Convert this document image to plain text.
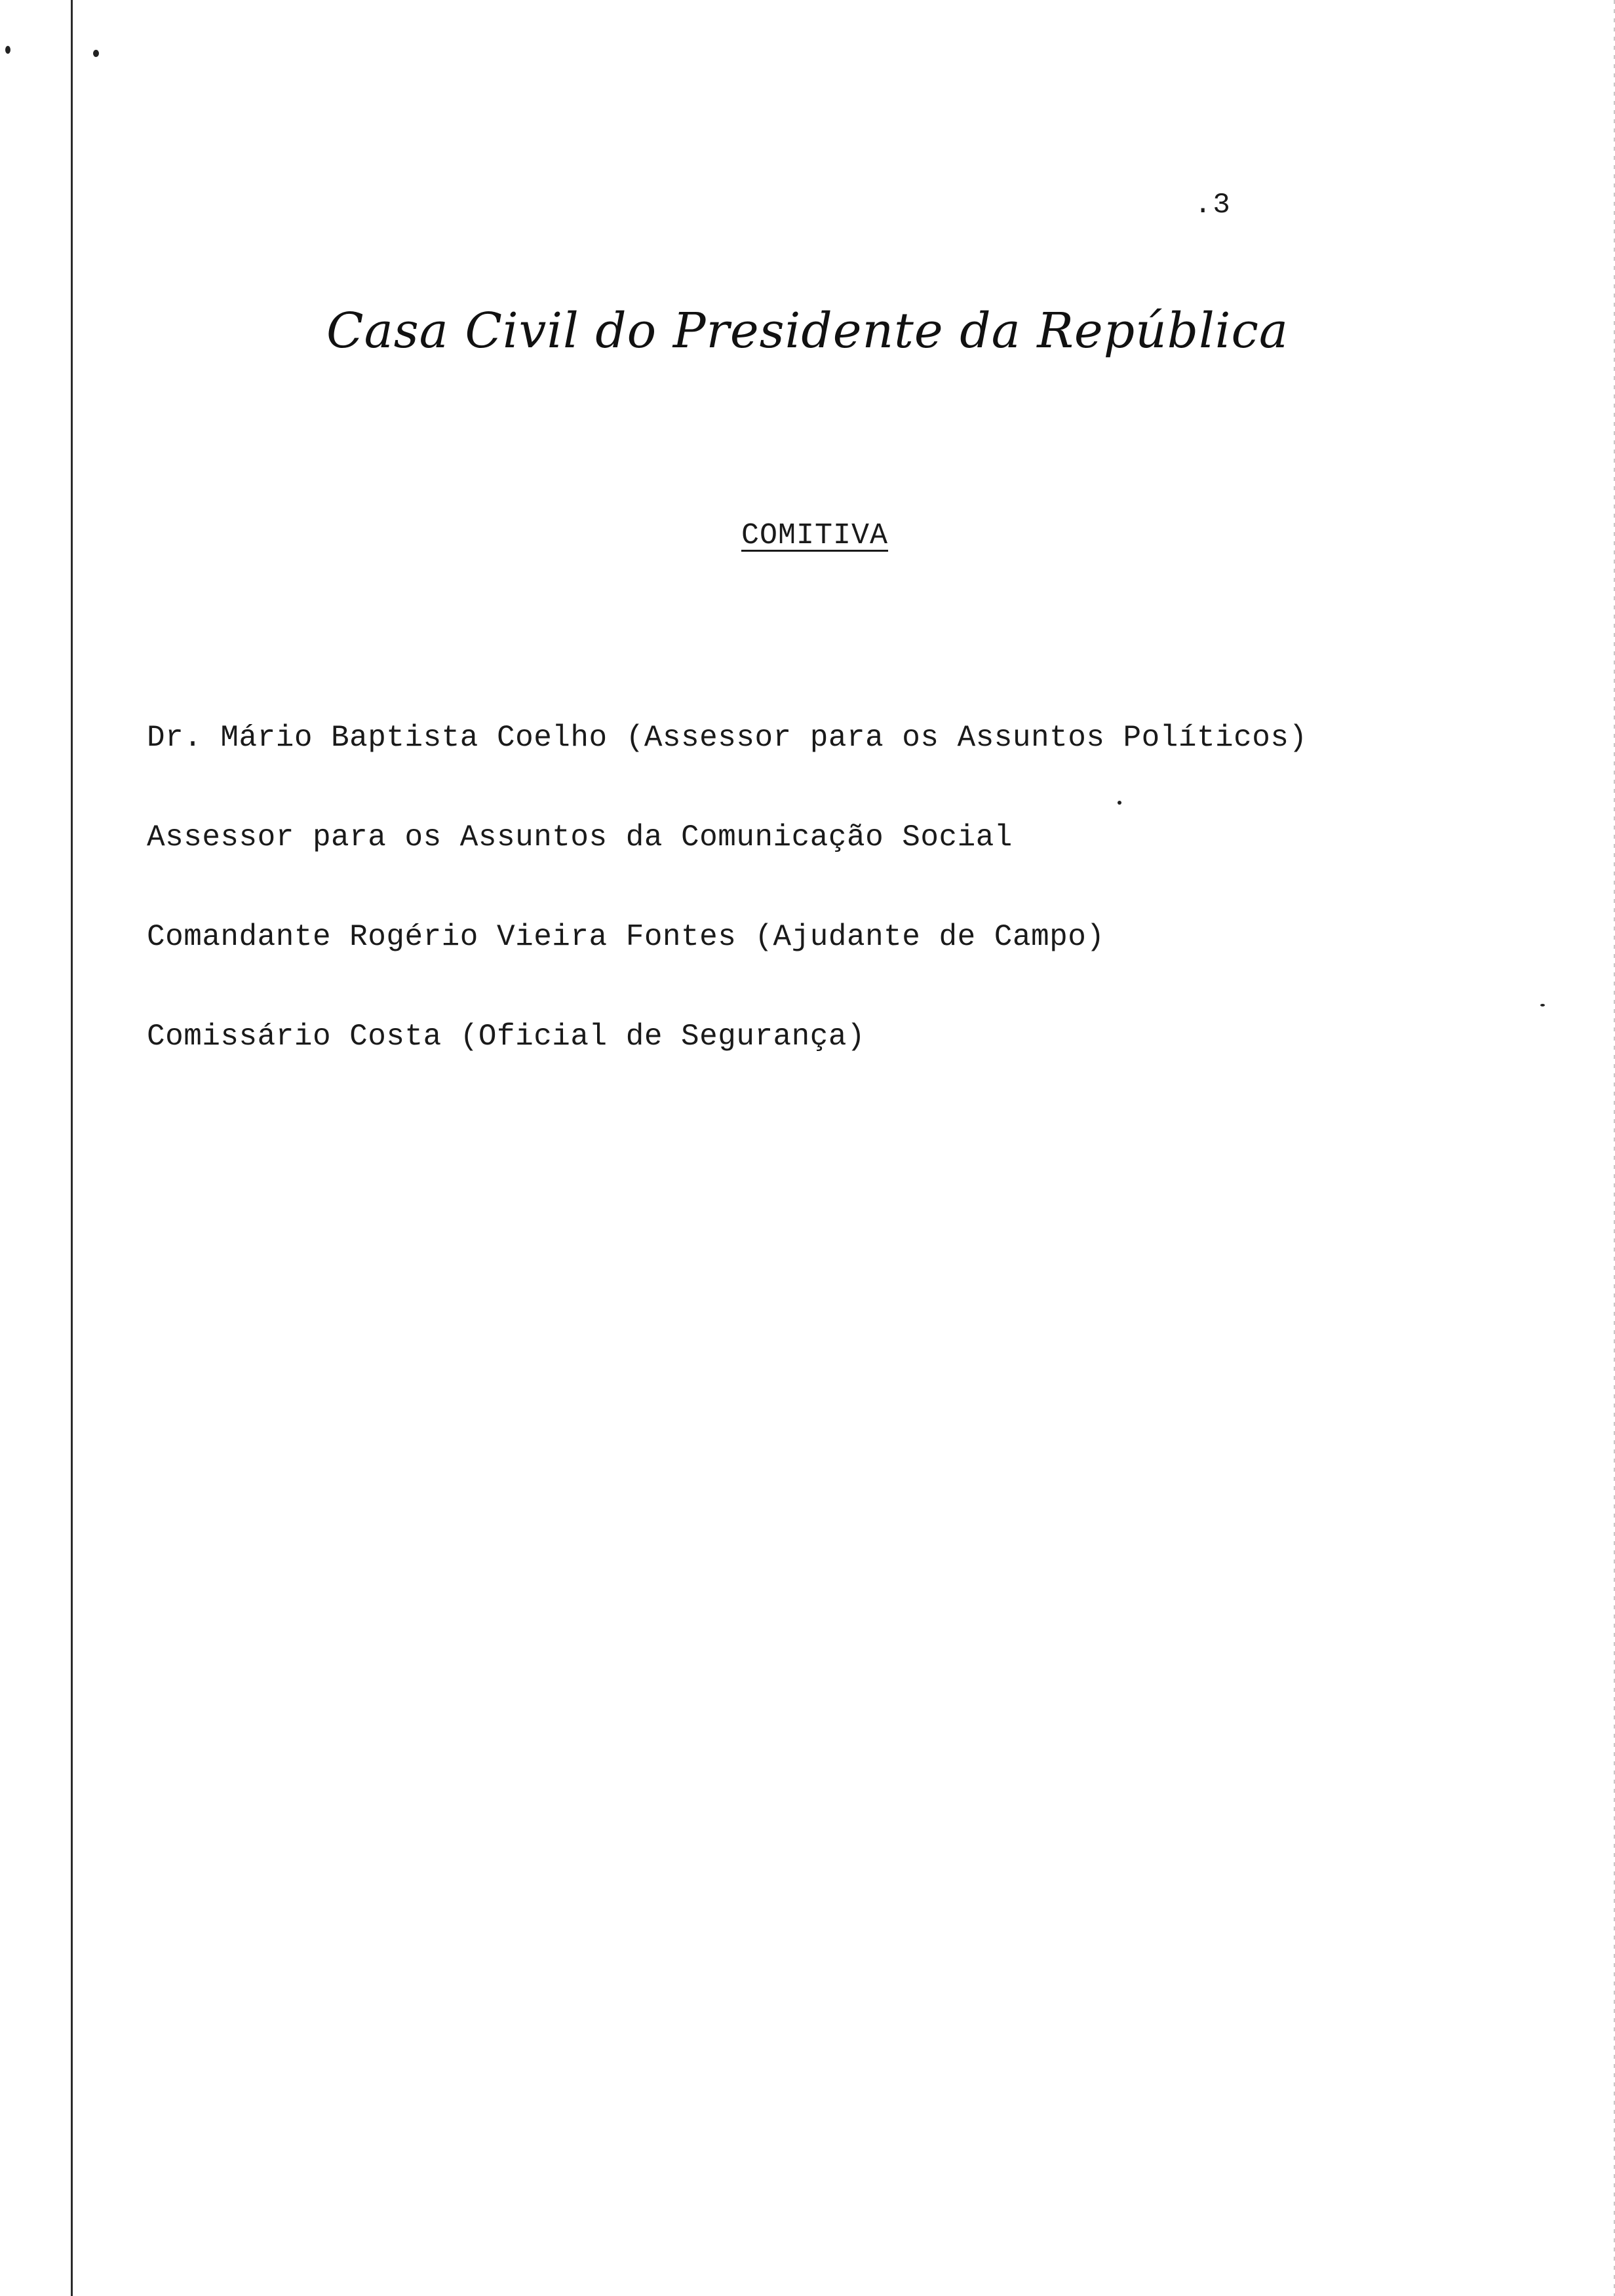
.3
Casa Civil do Presidente da República
COMITIVA
Dr. Mário Baptista Coelho (Assessor para os Assuntos Políticos)
Assessor para os Assuntos da Comunicação Social
Comandante Rogério Vieira Fontes (Ajudante de Campo)
Comissário Costa (Oficial de Segurança)
